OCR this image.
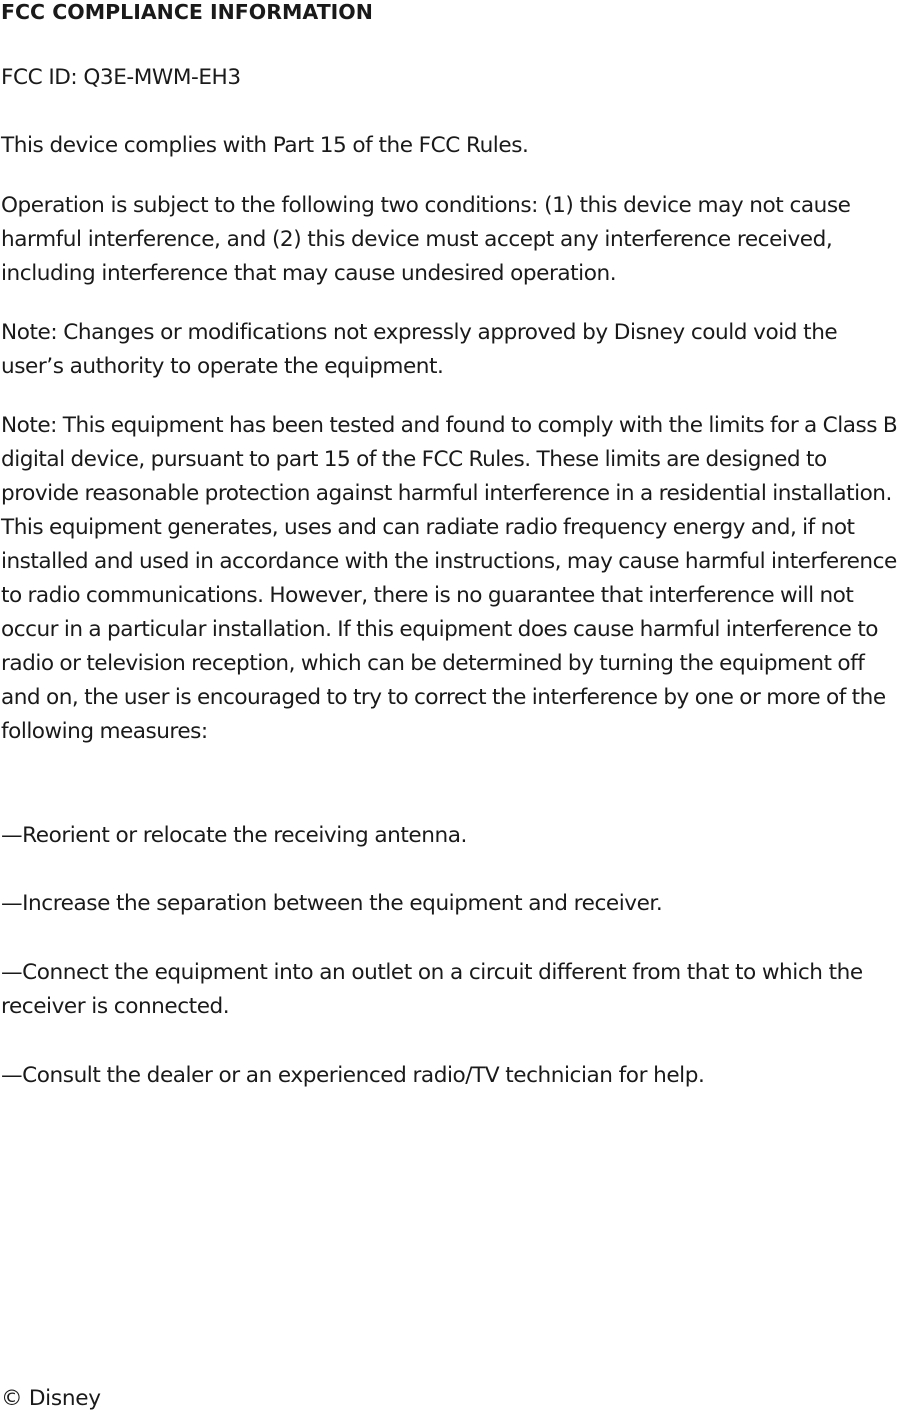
FCC COMPLIANCE INFORMATION

FCC ID: Q3E-MWM-EH3

This device complies with Part 15 of the FCC Rules.

Operation is subject to the following two conditions: (1) this device may not cause harmful interference, and (2) this device must accept any interference received, including interference that may cause undesired operation.

Note: Changes or modifications not expressly approved by Disney could void the user’s authority to operate the equipment.

Note: This equipment has been tested and found to comply with the limits for a Class B digital device, pursuant to part 15 of the FCC Rules. These limits are designed to provide reasonable protection against harmful interference in a residential installation. This equipment generates, uses and can radiate radio frequency energy and, if not installed and used in accordance with the instructions, may cause harmful interference to radio communications. However, there is no guarantee that interference will not occur in a particular installation. If this equipment does cause harmful interference to radio or television reception, which can be determined by turning the equipment off and on, the user is encouraged to try to correct the interference by one or more of the following measures:

—Reorient or relocate the receiving antenna.

—Increase the separation between the equipment and receiver.

—Connect the equipment into an outlet on a circuit different from that to which the receiver is connected.

—Consult the dealer or an experienced radio/TV technician for help.

© Disney
